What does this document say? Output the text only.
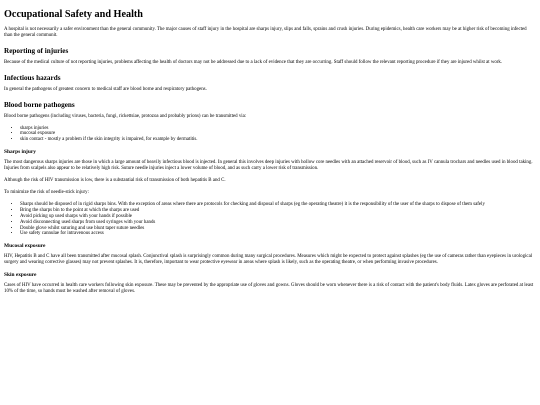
Occupational Safety and Health

A hospital is not necessarily a safer environment than the general community. The major causes of staff injury in the hospital are sharps injury, slips and falls, sprains and crush injuries. During epidemics, health care workers may be at higher risk of becoming infected than the general communit.

Reporting of injuries

Because of the medical culture of not reporting injuries, problems affecting the health of doctors may not be addressed due to a lack of evidence that they are occurring. Staff should follow the relevant reporting procedure if they are injured whilst at work.

Infectious hazards

In general the pathogens of greatest concern to medical staff are blood borne and respiratory pathogens.

Blood borne pathogens

Blood borne pathogens (including viruses, bacteria, fungi, rickettsiae, protozoa and probably prions) can be transmitted via:

• sharps injuries
• mucosal exposure
• skin contact - mostly a problem if the skin integrity is impaired, for example by dermatitis.
Sharps injury

The most dangerous sharps injuries are those in which a large amount of heavily infectious blood is injected. In general this involves deep injuries with hollow core needles with an attached reservoir of blood, such as IV cannula trochars and needles used in blood taking. Injuries from scalpels also appear to be relatively high risk. Suture needle injuries inject a lower volume of blood, and as such carry a lower risk of transmission.

Although the risk of HIV transmission is low, there is a substantial risk of transmission of both hepatitis B and C.

To minimize the risk of needle-stick injury:

• Sharps should be disposed of in rigid sharps bins. With the exception of areas where there are protocols for checking and disposal of sharps (eg the operating theatre) it is the responsibility of the user of the sharps to dispose of them safely
• Bring the sharps bin to the point at which the sharps are used
• Avoid picking up used sharps with your hands if possible
• Avoid disconnecting used sharps from used syringes with your hands
• Double glove whilst suturing and use blunt taper suture needles
• Use safety cannulae for intravenous access
Mucosal exposure

HIV, Hepatitis B and C have all been transmitted after mucosal splash. Conjunctival splash is surprisingly common during many surgical procedures. Measures which might be expected to protect against splashes (eg the use of cameras rather than eyepieces in urological surgery and wearing corrective glasses) may not prevent splashes. It is, therefore, important to wear protective eyewear in areas where splash is likely, such as the operating theatre, or when performing invasive procedures.

Skin exposure

Cases of HIV have occurred in health care workers following skin exposure. These may be prevented by the appropriate use of gloves and gowns. Gloves should be worn whenever there is a risk of contact with the patient's body fluids. Latex gloves are perforated at least 10% of the time, so hands must be washed after removal of gloves.
